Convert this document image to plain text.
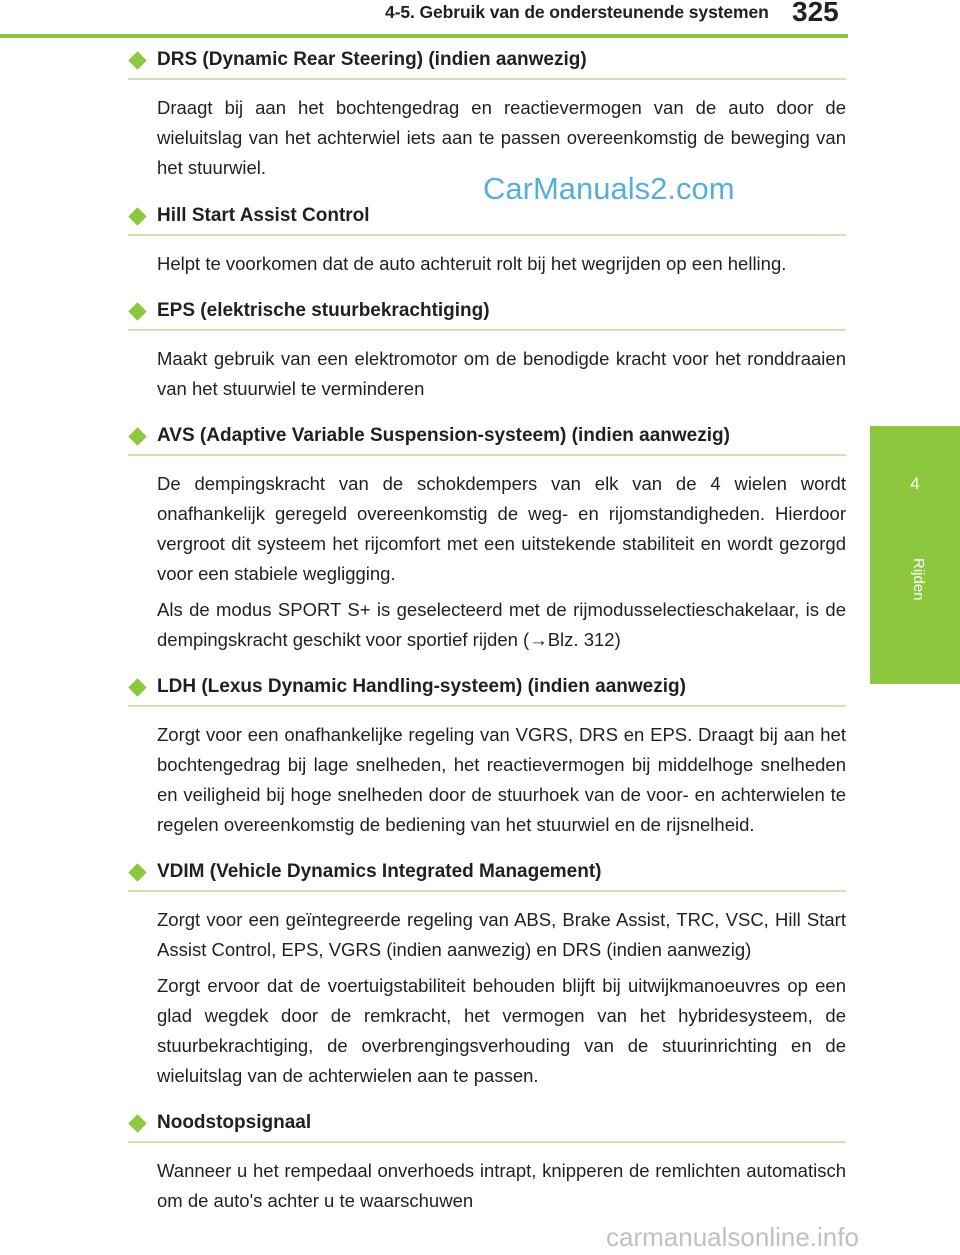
4-5. Gebruik van de ondersteunende systemen 325
4
Rijden
DRS (Dynamic Rear Steering) (indien aanwezig)

Draagt bij aan het bochtengedrag en reactievermogen van de auto door de wieluitslag van het achterwiel iets aan te passen overeenkomstig de beweging van het stuurwiel.

Hill Start Assist Control

Helpt te voorkomen dat de auto achteruit rolt bij het wegrijden op een helling.

EPS (elektrische stuurbekrachtiging)

Maakt gebruik van een elektromotor om de benodigde kracht voor het ronddraaien van het stuurwiel te verminderen

AVS (Adaptive Variable Suspension-systeem) (indien aanwezig)

De dempingskracht van de schokdempers van elk van de 4 wielen wordt onafhankelijk geregeld overeenkomstig de weg- en rijomstandigheden. Hierdoor vergroot dit systeem het rijcomfort met een uitstekende stabiliteit en wordt gezorgd voor een stabiele wegligging.

Als de modus SPORT S+ is geselecteerd met de rijmodusselectieschakelaar, is de dempingskracht geschikt voor sportief rijden (→Blz. 312)

LDH (Lexus Dynamic Handling-systeem) (indien aanwezig)

Zorgt voor een onafhankelijke regeling van VGRS, DRS en EPS. Draagt bij aan het bochtengedrag bij lage snelheden, het reactievermogen bij middelhoge snelheden en veiligheid bij hoge snelheden door de stuurhoek van de voor- en achterwielen te regelen overeenkomstig de bediening van het stuurwiel en de rijsnelheid.

VDIM (Vehicle Dynamics Integrated Management)

Zorgt voor een geïntegreerde regeling van ABS, Brake Assist, TRC, VSC, Hill Start Assist Control, EPS, VGRS (indien aanwezig) en DRS (indien aanwezig)

Zorgt ervoor dat de voertuigstabiliteit behouden blijft bij uitwijkmanoeuvres op een glad wegdek door de remkracht, het vermogen van het hybridesysteem, de stuurbekrachtiging, de overbrengingsverhouding van de stuurinrichting en de wieluitslag van de achterwielen aan te passen.

Noodstopsignaal

Wanneer u het rempedaal onverhoeds intrapt, knipperen de remlichten automatisch om de auto's achter u te waarschuwen

CarManuals2.com
carmanualsonline.info
